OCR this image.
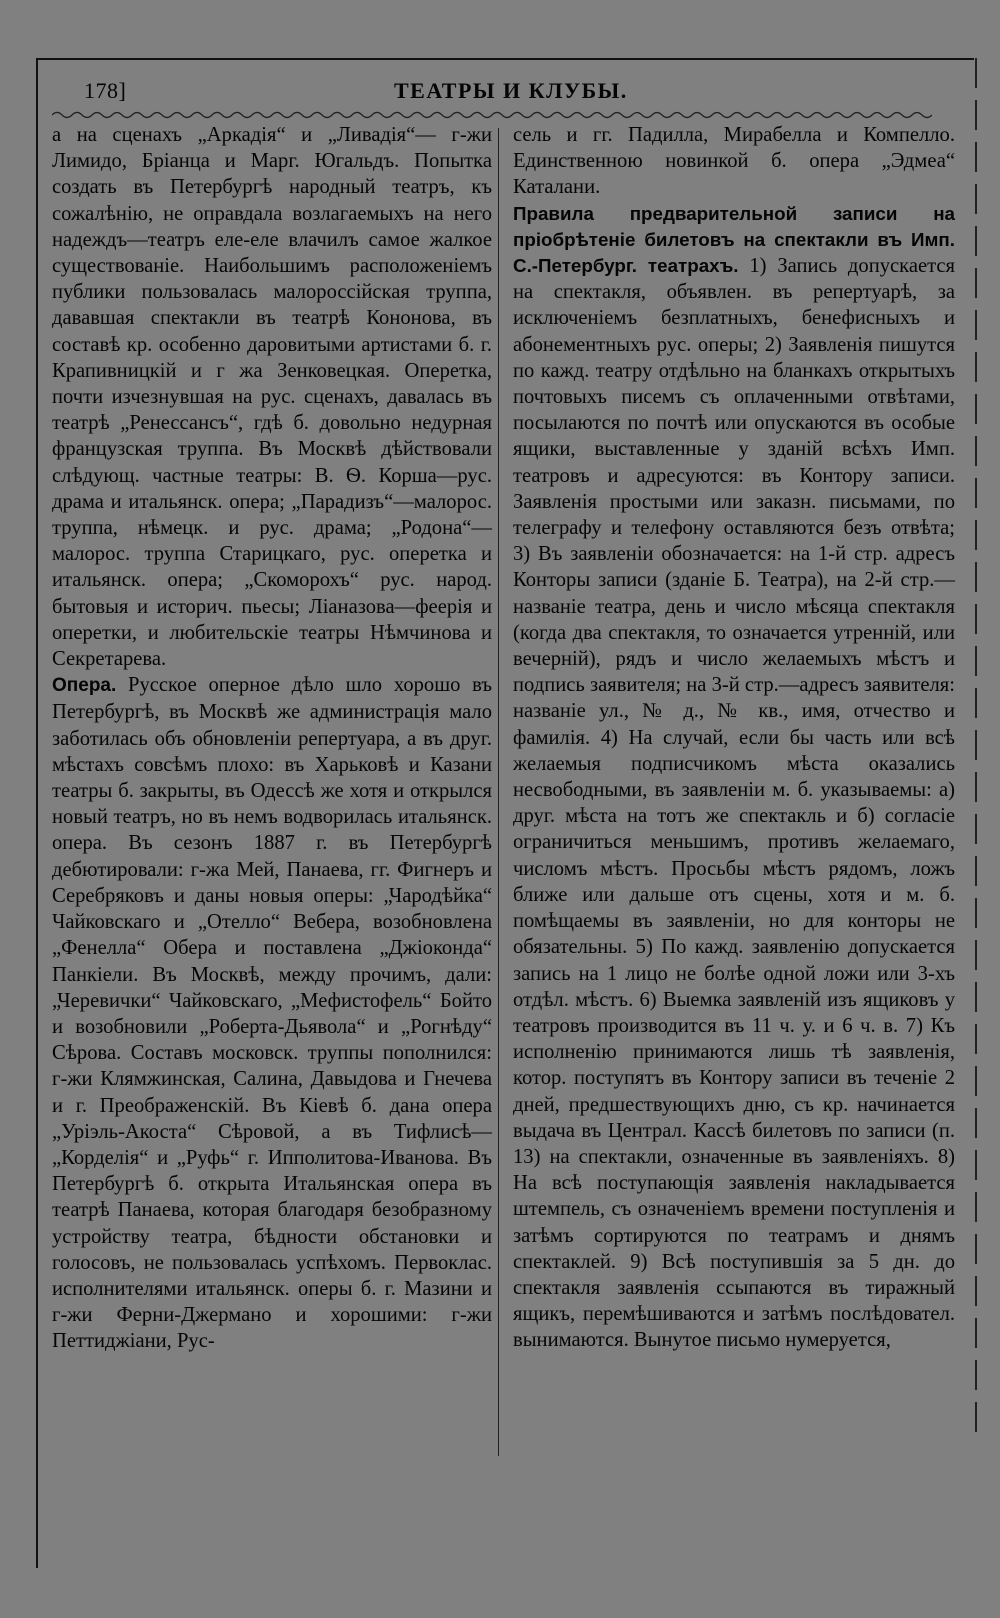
178]	ТЕАТРЫ И КЛУБЫ.

а на сценахъ „Аркадія“ и „Ливадія“— г-жи Лимидо, Бріанца и Марг. Югальдъ. Попытка создать въ Петербургѣ народный театръ, къ сожалѣнію, не оправдала возлагаемыхъ на него надеждъ—театръ еле-еле влачилъ самое жалкое существованіе. Наибольшимъ расположеніемъ публики пользовалась малороссійская труппа, дававшая спектакли въ театрѣ Кононова, въ составѣ кр. особенно даровитыми артистами б. г. Крапивницкій и г жа Зенковецкая. Оперетка, почти изчезнувшая на рус. сценахъ, давалась въ театрѣ „Ренессансъ“, гдѣ б. довольно недурная французская труппа. Въ Москвѣ дѣйствовали слѣдующ. частные театры: В. Ѳ. Корша—рус. драма и итальянск. опера; „Парадизъ“—малорос. труппа, нѣмецк. и рус. драма; „Родона“—малорос. труппа Старицкаго, рус. оперетка и итальянск. опера; „Скоморохъ“ рус. народ. бытовыя и историч. пьесы; Ліаназова—феерія и оперетки, и любительскіе театры Нѣмчинова и Секретарева.

Опера. Русское оперное дѣло шло хорошо въ Петербургѣ, въ Москвѣ же администрація мало заботилась объ обновленіи репертуара, а въ друг. мѣстахъ совсѣмъ плохо: въ Харьковѣ и Казани театры б. закрыты, въ Одессѣ же хотя и открылся новый театръ, но въ немъ водворилась итальянск. опера. Въ сезонъ 1887 г. въ Петербургѣ дебютировали: г-жа Мей, Панаева, гг. Фигнеръ и Серебряковъ и даны новыя оперы: „Чародѣйка“ Чайковскаго и „Отелло“ Вебера, возобновлена „Фенелла“ Обера и поставлена „Джіоконда“ Панкіели. Въ Москвѣ, между прочимъ, дали: „Черевички“ Чайковскаго, „Мефистофель“ Бойто и возобновили „Роберта-Дьявола“ и „Рогнѣду“ Сѣрова. Составъ московск. труппы пополнился: г-жи Клямжинская, Салина, Давыдова и Гнечева и г. Преображенскій. Въ Кіевѣ б. дана опера „Уріэль-Акоста“ Сѣровой, а въ Тифлисѣ—„Корделія“ и „Руфь“ г. Ипполитова-Иванова. Въ Петербургѣ б. открыта Итальянская опера въ театрѣ Панаева, которая благодаря безобразному устройству театра, бѣдности обстановки и голосовъ, не пользовалась успѣхомъ. Первоклас. исполнителями итальянск. оперы б. г. Мазини и г-жи Ферни-Джермано и хорошими: г-жи Петтиджіани, Рус-

сель и гг. Падилла, Мирабелла и Компелло. Единственною новинкой б. опера „Эдмеа“ Каталани.

Правила предварительной записи на пріобрѣтеніе билетовъ на спектакли въ Имп. С.-Петербург. театрахъ. 1) Запись допускается на спектакля, объявлен. въ репертуарѣ, за исключеніемъ безплатныхъ, бенефисныхъ и абонементныхъ рус. оперы; 2) Заявленія пишутся по кажд. театру отдѣльно на бланкахъ открытыхъ почтовыхъ писемъ съ оплаченными отвѣтами, посылаются по почтѣ или опускаются въ особые ящики, выставленные у зданій всѣхъ Имп. театровъ и адресуются: въ Контору записи. Заявленія простыми или заказн. письмами, по телеграфу и телефону оставляются безъ отвѣта; 3) Въ заявленіи обозначается: на 1-й стр. адресъ Конторы записи (зданіе Б. Театра), на 2-й стр.—названіе театра, день и число мѣсяца спектакля (когда два спектакля, то означается утренній, или вечерній), рядъ и число желаемыхъ мѣстъ и подпись заявителя; на 3-й стр.—адресъ заявителя: названіе ул., № д., № кв., имя, отчество и фамилія. 4) На случай, если бы часть или всѣ желаемыя подписчикомъ мѣста оказались несвободными, въ заявленіи м. б. указываемы: а) друг. мѣста на тотъ же спектакль и б) согласіе ограничиться меньшимъ, противъ желаемаго, числомъ мѣстъ. Просьбы мѣстъ рядомъ, ложъ ближе или дальше отъ сцены, хотя и м. б. помѣщаемы въ заявленіи, но для конторы не обязательны. 5) По кажд. заявленію допускается запись на 1 лицо не болѣе одной ложи или 3-хъ отдѣл. мѣстъ. 6) Выемка заявленій изъ ящиковъ у театровъ производится въ 11 ч. у. и 6 ч. в. 7) Къ исполненію принимаются лишь тѣ заявленія, котор. поступятъ въ Контору записи въ теченіе 2 дней, предшествующихъ дню, съ кр. начинается выдача въ Централ. Кассѣ билетовъ по записи (п. 13) на спектакли, означенные въ заявленіяхъ. 8) На всѣ поступающія заявленія накладывается штемпель, съ означеніемъ времени поступленія и затѣмъ сортируются по театрамъ и днямъ спектаклей. 9) Всѣ поступившія за 5 дн. до спектакля заявленія ссыпаются въ тиражный ящикъ, перемѣшиваются и затѣмъ послѣдовател. вынимаются. Вынутое письмо нумеруется,
